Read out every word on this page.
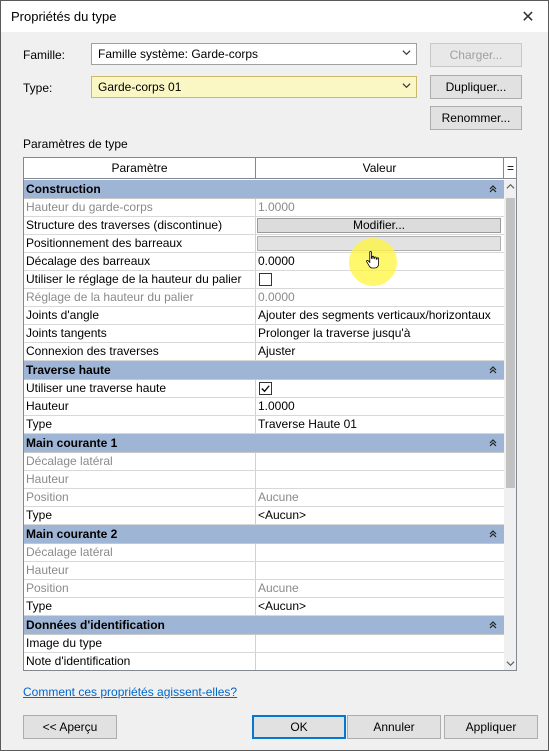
Propriétés du type	✕
Famille:	Famille système: Garde-corps	Charger...
Type:	Garde-corps 01	Dupliquer...
Renommer...
Paramètres de type
Paramètre	Valeur	=
Construction
Hauteur du garde-corps	1.0000
Structure des traverses (discontinue)	Modifier...
Positionnement des barreaux
Décalage des barreaux	0.0000
Utiliser le réglage de la hauteur du palier
Réglage de la hauteur du palier	0.0000
Joints d'angle	Ajouter des segments verticaux/horizontaux
Joints tangents	Prolonger la traverse jusqu'à
Connexion des traverses	Ajuster
Traverse haute
Utiliser une traverse haute
Hauteur	1.0000
Type	Traverse Haute 01
Main courante 1
Décalage latéral
Hauteur
Position	Aucune
Type	<Aucun>
Main courante 2
Décalage latéral
Hauteur
Position	Aucune
Type	<Aucun>
Données d'identification
Image du type
Note d'identification
Comment ces propriétés agissent-elles?
<< Aperçu	OK	Annuler	Appliquer
